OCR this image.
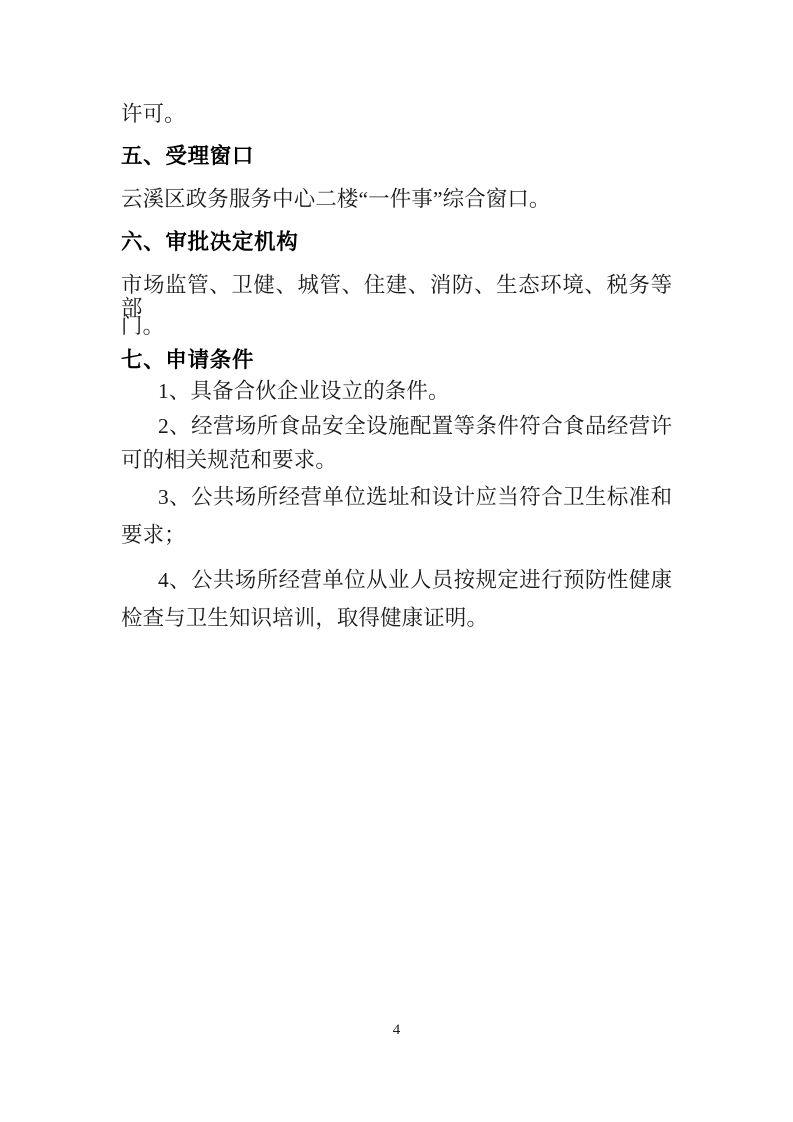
许可。
五、受理窗口
云溪区政务服务中心二楼“一件事”综合窗口。
六、审批决定机构
市场监管、卫健、城管、住建、消防、生态环境、税务等部
门。
七、申请条件
1、具备合伙企业设立的条件。
2、经营场所食品安全设施配置等条件符合食品经营许
可的相关规范和要求。
3、公共场所经营单位选址和设计应当符合卫生标准和
要求；
4、公共场所经营单位从业人员按规定进行预防性健康
检查与卫生知识培训，取得健康证明。
4
